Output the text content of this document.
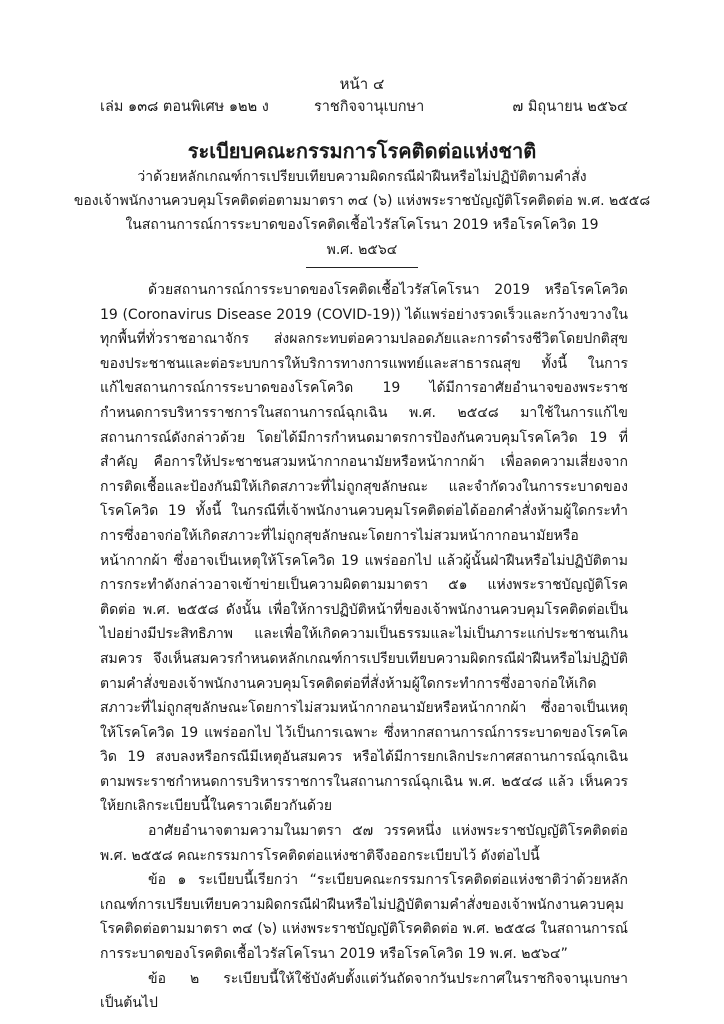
หน้า ๔
เล่ม ๑๓๘ ตอนพิเศษ ๑๒๒ ง	ราชกิจจานุเบกษา	๗ มิถุนายน ๒๕๖๔
ระเบียบคณะกรรมการโรคติดต่อแห่งชาติ
ว่าด้วยหลักเกณฑ์การเปรียบเทียบความผิดกรณีฝ่าฝืนหรือไม่ปฏิบัติตามคำสั่ง
ของเจ้าพนักงานควบคุมโรคติดต่อตามมาตรา ๓๔ (๖) แห่งพระราชบัญญัติโรคติดต่อ พ.ศ. ๒๕๕๘
ในสถานการณ์การระบาดของโรคติดเชื้อไวรัสโคโรนา 2019 หรือโรคโควิด 19
พ.ศ. ๒๕๖๔

ด้วยสถานการณ์การระบาดของโรคติดเชื้อไวรัสโคโรนา 2019 หรือโรคโควิด 19 (Coronavirus Disease 2019 (COVID-19)) ได้แพร่อย่างรวดเร็วและกว้างขวางในทุกพื้นที่ทั่วราชอาณาจักร ส่งผลกระทบต่อความปลอดภัยและการดำรงชีวิตโดยปกติสุขของประชาชนและต่อระบบการให้บริการทางการแพทย์และสาธารณสุข ทั้งนี้ ในการแก้ไขสถานการณ์การระบาดของโรคโควิด 19 ได้มีการอาศัยอำนาจของพระราชกำหนดการบริหารราชการในสถานการณ์ฉุกเฉิน พ.ศ. ๒๕๔๘ มาใช้ในการแก้ไขสถานการณ์ดังกล่าวด้วย โดยได้มีการกำหนดมาตรการป้องกันควบคุมโรคโควิด 19 ที่สำคัญ คือการให้ประชาชนสวมหน้ากากอนามัยหรือหน้ากากผ้า เพื่อลดความเสี่ยงจากการติดเชื้อและป้องกันมิให้เกิดสภาวะที่ไม่ถูกสุขลักษณะ และจำกัดวงในการระบาดของโรคโควิด 19 ทั้งนี้ ในกรณีที่เจ้าพนักงานควบคุมโรคติดต่อได้ออกคำสั่งห้ามผู้ใดกระทำการซึ่งอาจก่อให้เกิดสภาวะที่ไม่ถูกสุขลักษณะโดยการไม่สวมหน้ากากอนามัยหรือหน้ากากผ้า ซึ่งอาจเป็นเหตุให้โรคโควิด 19 แพร่ออกไป แล้วผู้นั้นฝ่าฝืนหรือไม่ปฏิบัติตาม การกระทำดังกล่าวอาจเข้าข่ายเป็นความผิดตามมาตรา ๕๑ แห่งพระราชบัญญัติโรคติดต่อ พ.ศ. ๒๕๕๘ ดังนั้น เพื่อให้การปฏิบัติหน้าที่ของเจ้าพนักงานควบคุมโรคติดต่อเป็นไปอย่างมีประสิทธิภาพ และเพื่อให้เกิดความเป็นธรรมและไม่เป็นภาระแก่ประชาชนเกินสมควร จึงเห็นสมควรกำหนดหลักเกณฑ์การเปรียบเทียบความผิดกรณีฝ่าฝืนหรือไม่ปฏิบัติตามคำสั่งของเจ้าพนักงานควบคุมโรคติดต่อที่สั่งห้ามผู้ใดกระทำการซึ่งอาจก่อให้เกิดสภาวะที่ไม่ถูกสุขลักษณะโดยการไม่สวมหน้ากากอนามัยหรือหน้ากากผ้า ซึ่งอาจเป็นเหตุให้โรคโควิด 19 แพร่ออกไป ไว้เป็นการเฉพาะ ซึ่งหากสถานการณ์การระบาดของโรคโควิด 19 สงบลงหรือกรณีมีเหตุอันสมควร หรือได้มีการยกเลิกประกาศสถานการณ์ฉุกเฉินตามพระราชกำหนดการบริหารราชการในสถานการณ์ฉุกเฉิน พ.ศ. ๒๕๔๘ แล้ว เห็นควรให้ยกเลิกระเบียบนี้ในคราวเดียวกันด้วย

อาศัยอำนาจตามความในมาตรา ๕๗ วรรคหนึ่ง แห่งพระราชบัญญัติโรคติดต่อ พ.ศ. ๒๕๕๘ คณะกรรมการโรคติดต่อแห่งชาติจึงออกระเบียบไว้ ดังต่อไปนี้

ข้อ ๑ ระเบียบนี้เรียกว่า “ระเบียบคณะกรรมการโรคติดต่อแห่งชาติว่าด้วยหลักเกณฑ์การเปรียบเทียบความผิดกรณีฝ่าฝืนหรือไม่ปฏิบัติตามคำสั่งของเจ้าพนักงานควบคุมโรคติดต่อตามมาตรา ๓๔ (๖) แห่งพระราชบัญญัติโรคติดต่อ พ.ศ. ๒๕๕๘ ในสถานการณ์การระบาดของโรคติดเชื้อไวรัสโคโรนา 2019 หรือโรคโควิด 19 พ.ศ. ๒๕๖๔”

ข้อ ๒ ระเบียบนี้ให้ใช้บังคับตั้งแต่วันถัดจากวันประกาศในราชกิจจานุเบกษาเป็นต้นไป
